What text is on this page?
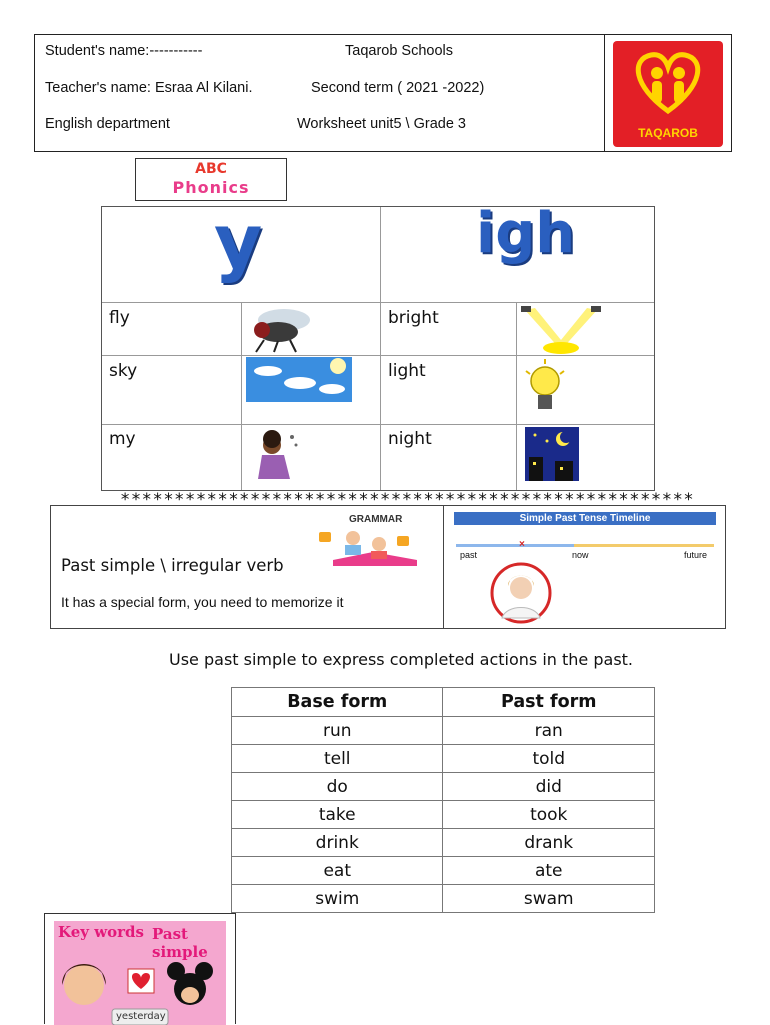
Student's name:-----------	Taqarob Schools
Teacher's name: Esraa Al Kilani.	Second term ( 2021 -2022)
English department	Worksheet unit5 \ Grade 3
TAQAROB
ABC
Phonics
y	igh
fly	bright
sky	light
my	night
*****************************************************
GRAMMAR
Past simple \ irregular verb
It has a special form, you need to memorize it
Simple Past Tense Timeline
×
past	now	future
Use past simple to express completed actions in the past.
Base form	Past form
run	ran
tell	told
do	did
take	took
drink	drank
eat	ate
swim	swam
Key words Past simple
yesterday
